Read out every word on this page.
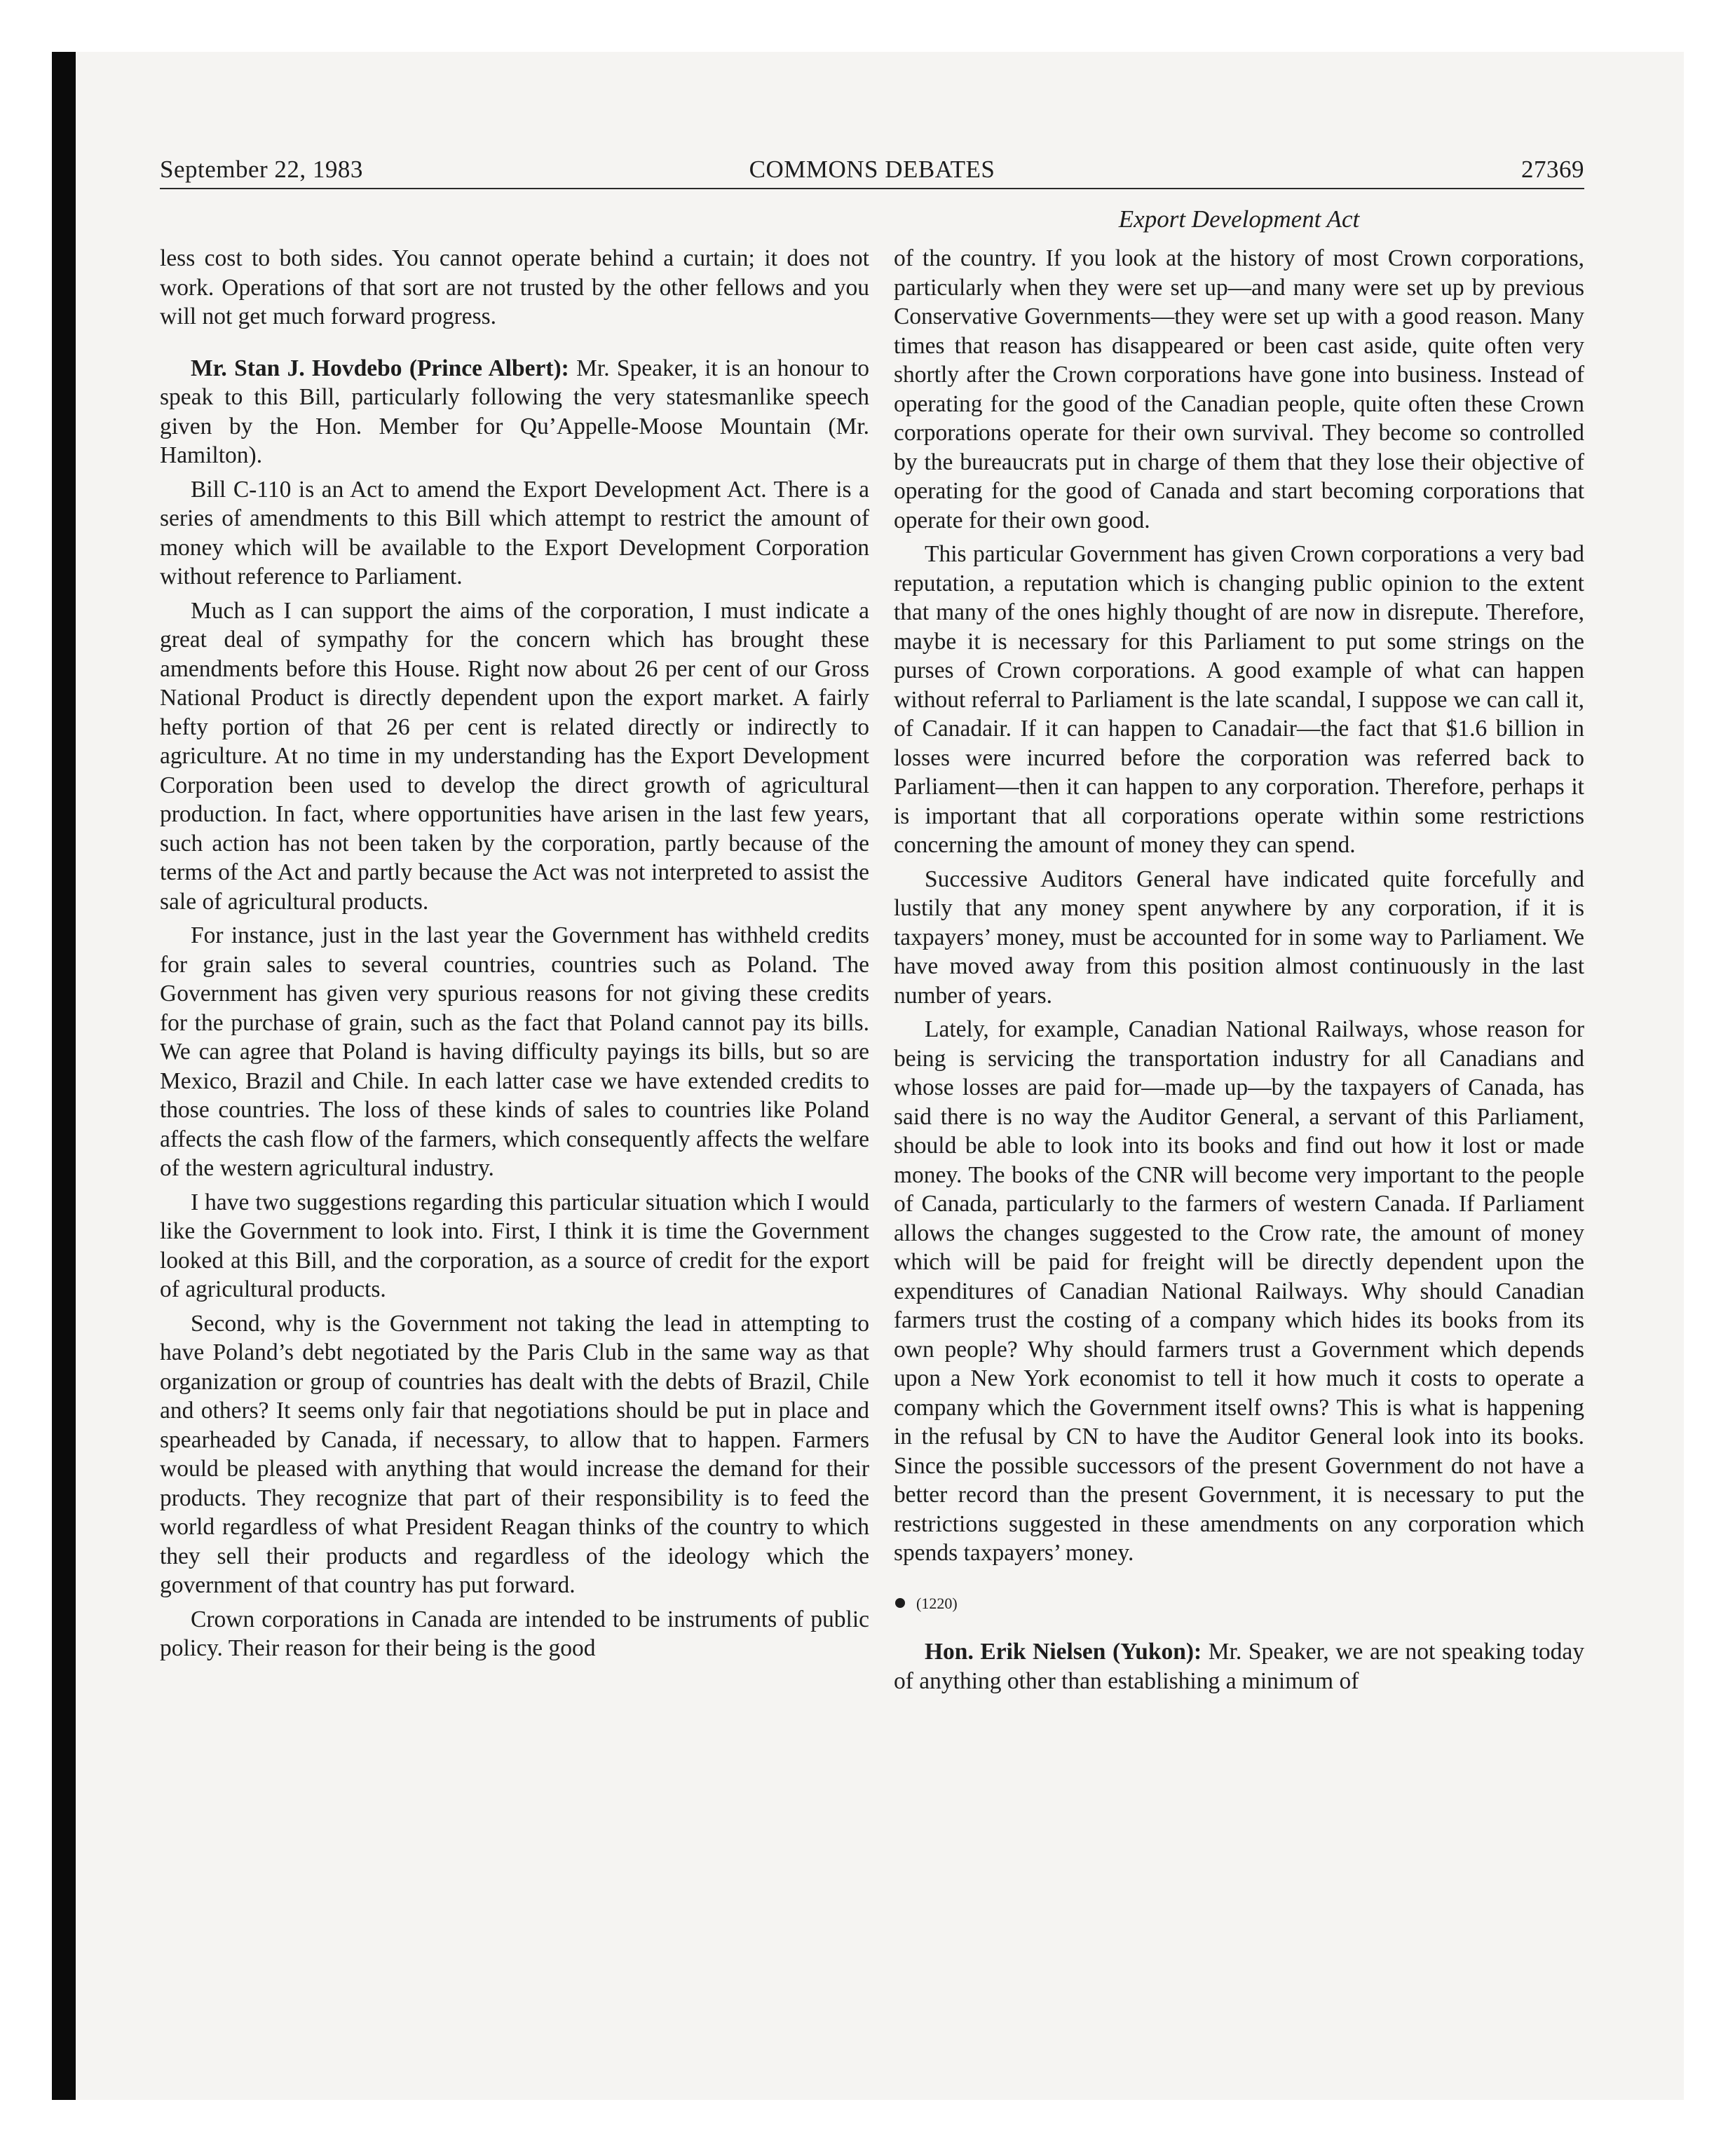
September 22, 1983	COMMONS DEBATES	27369
Export Development Act

less cost to both sides. You cannot operate behind a curtain; it does not work. Operations of that sort are not trusted by the other fellows and you will not get much forward progress.

Mr. Stan J. Hovdebo (Prince Albert): Mr. Speaker, it is an honour to speak to this Bill, particularly following the very statesmanlike speech given by the Hon. Member for Qu’Appelle-Moose Mountain (Mr. Hamilton).

Bill C-110 is an Act to amend the Export Development Act. There is a series of amendments to this Bill which attempt to restrict the amount of money which will be available to the Export Development Corporation without reference to Parliament.

Much as I can support the aims of the corporation, I must indicate a great deal of sympathy for the concern which has brought these amendments before this House. Right now about 26 per cent of our Gross National Product is directly dependent upon the export market. A fairly hefty portion of that 26 per cent is related directly or indirectly to agriculture. At no time in my understanding has the Export Development Corporation been used to develop the direct growth of agricultural production. In fact, where opportunities have arisen in the last few years, such action has not been taken by the corporation, partly because of the terms of the Act and partly because the Act was not interpreted to assist the sale of agricultural products.

For instance, just in the last year the Government has withheld credits for grain sales to several countries, countries such as Poland. The Government has given very spurious reasons for not giving these credits for the purchase of grain, such as the fact that Poland cannot pay its bills. We can agree that Poland is having difficulty payings its bills, but so are Mexico, Brazil and Chile. In each latter case we have extended credits to those countries. The loss of these kinds of sales to countries like Poland affects the cash flow of the farmers, which consequently affects the welfare of the western agricultural industry.

I have two suggestions regarding this particular situation which I would like the Government to look into. First, I think it is time the Government looked at this Bill, and the corporation, as a source of credit for the export of agricultural products.

Second, why is the Government not taking the lead in attempting to have Poland’s debt negotiated by the Paris Club in the same way as that organization or group of countries has dealt with the debts of Brazil, Chile and others? It seems only fair that negotiations should be put in place and spearheaded by Canada, if necessary, to allow that to happen. Farmers would be pleased with anything that would increase the demand for their products. They recognize that part of their responsibility is to feed the world regardless of what President Reagan thinks of the country to which they sell their products and regardless of the ideology which the government of that country has put forward.

Crown corporations in Canada are intended to be instruments of public policy. Their reason for their being is the good

of the country. If you look at the history of most Crown corporations, particularly when they were set up—and many were set up by previous Conservative Governments—they were set up with a good reason. Many times that reason has disappeared or been cast aside, quite often very shortly after the Crown corporations have gone into business. Instead of operating for the good of the Canadian people, quite often these Crown corporations operate for their own survival. They become so controlled by the bureaucrats put in charge of them that they lose their objective of operating for the good of Canada and start becoming corporations that operate for their own good.

This particular Government has given Crown corporations a very bad reputation, a reputation which is changing public opinion to the extent that many of the ones highly thought of are now in disrepute. Therefore, maybe it is necessary for this Parliament to put some strings on the purses of Crown corporations. A good example of what can happen without referral to Parliament is the late scandal, I suppose we can call it, of Canadair. If it can happen to Canadair—the fact that $1.6 billion in losses were incurred before the corporation was referred back to Parliament—then it can happen to any corporation. Therefore, perhaps it is important that all corporations operate within some restrictions concerning the amount of money they can spend.

Successive Auditors General have indicated quite forcefully and lustily that any money spent anywhere by any corporation, if it is taxpayers’ money, must be accounted for in some way to Parliament. We have moved away from this position almost continuously in the last number of years.

Lately, for example, Canadian National Railways, whose reason for being is servicing the transportation industry for all Canadians and whose losses are paid for—made up—by the taxpayers of Canada, has said there is no way the Auditor General, a servant of this Parliament, should be able to look into its books and find out how it lost or made money. The books of the CNR will become very important to the people of Canada, particularly to the farmers of western Canada. If Parliament allows the changes suggested to the Crow rate, the amount of money which will be paid for freight will be directly dependent upon the expenditures of Canadian National Railways. Why should Canadian farmers trust the costing of a company which hides its books from its own people? Why should farmers trust a Government which depends upon a New York economist to tell it how much it costs to operate a company which the Government itself owns? This is what is happening in the refusal by CN to have the Auditor General look into its books. Since the possible successors of the present Government do not have a better record than the present Government, it is necessary to put the restrictions suggested in these amendments on any corporation which spends taxpayers’ money.

(1220)

Hon. Erik Nielsen (Yukon): Mr. Speaker, we are not speaking today of anything other than establishing a minimum of
